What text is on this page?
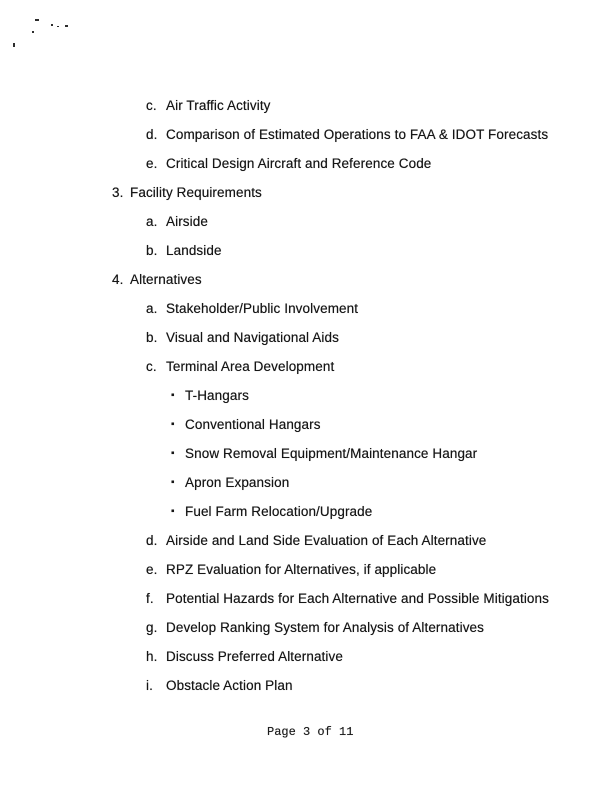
c. Air Traffic Activity
d. Comparison of Estimated Operations to FAA & IDOT Forecasts
e. Critical Design Aircraft and Reference Code
3. Facility Requirements
a. Airside
b. Landside
4. Alternatives
a. Stakeholder/Public Involvement
b. Visual and Navigational Aids
c. Terminal Area Development
▪ T-Hangars
▪ Conventional Hangars
▪ Snow Removal Equipment/Maintenance Hangar
▪ Apron Expansion
▪ Fuel Farm Relocation/Upgrade
d. Airside and Land Side Evaluation of Each Alternative
e. RPZ Evaluation for Alternatives, if applicable
f. Potential Hazards for Each Alternative and Possible Mitigations
g. Develop Ranking System for Analysis of Alternatives
h. Discuss Preferred Alternative
i. Obstacle Action Plan
Page 3 of 11
